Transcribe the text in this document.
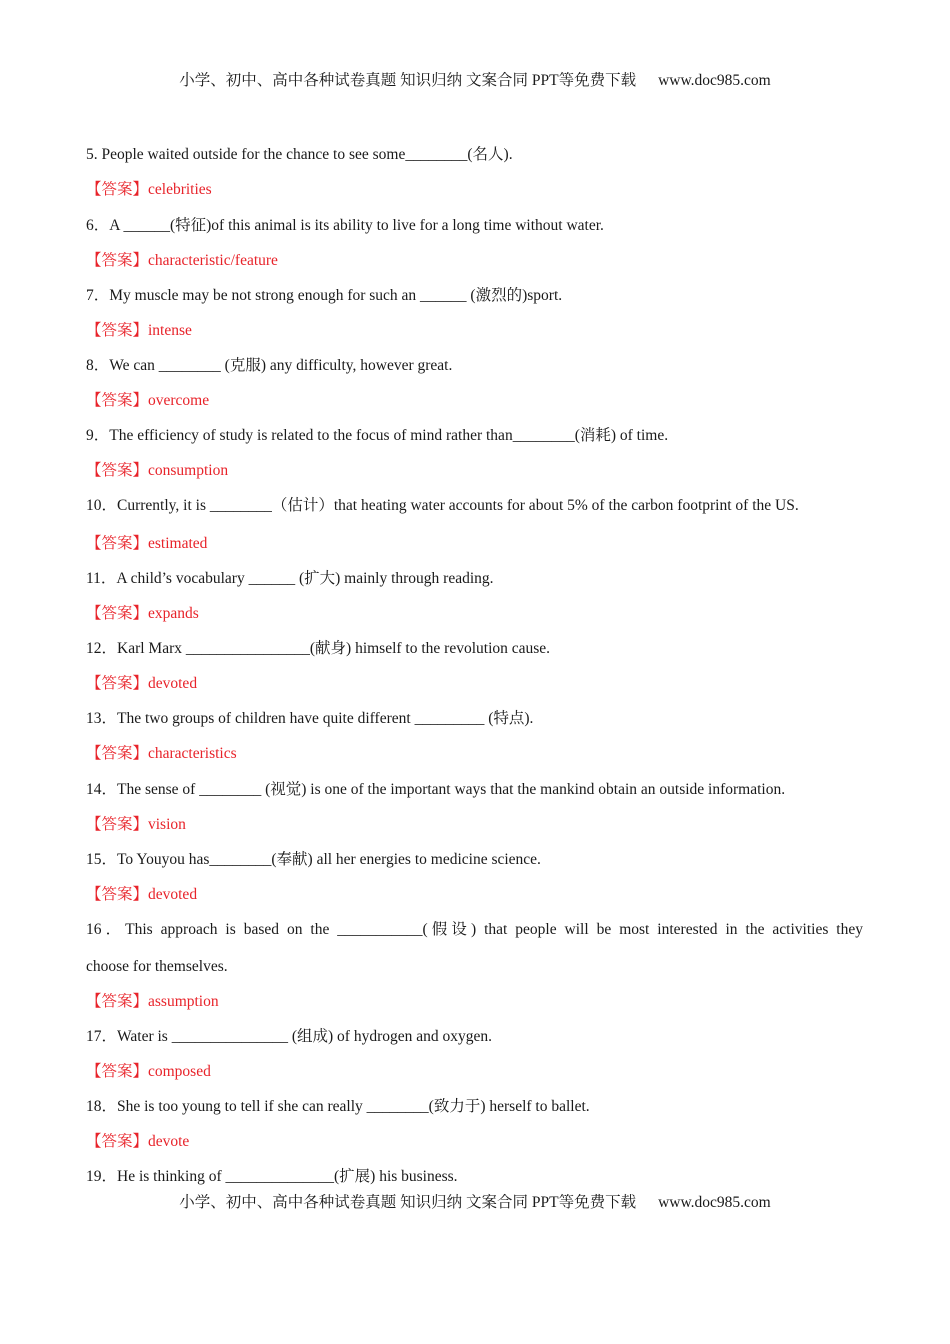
小学、初中、高中各种试卷真题 知识归纳 文案合同 PPT等免费下载 www.doc985.com
5. People waited outside for the chance to see some________(名人).
【答案】celebrities
6．A ______(特征)of this animal is its ability to live for a long time without water.
【答案】characteristic/feature
7．My muscle may be not strong enough for such an ______ (激烈的)sport.
【答案】intense
8．We can ________ (克服) any difficulty, however great.
【答案】overcome
9．The efficiency of study is related to the focus of mind rather than________(消耗) of time.
【答案】consumption
10．Currently, it is ________（估计）that heating water accounts for about 5% of the carbon footprint of the US.
【答案】estimated
11．A child’s vocabulary ______ (扩大) mainly through reading.
【答案】expands
12．Karl Marx ________________(献身) himself to the revolution cause.
【答案】devoted
13．The two groups of children have quite different _________ (特点).
【答案】characteristics
14．The sense of ________ (视觉) is one of the important ways that the mankind obtain an outside information.
【答案】vision
15．To Youyou has________(奉献) all her energies to medicine science.
【答案】devoted
16．This approach is based on the ___________(假设) that people will be most interested in the activities they
choose for themselves.
【答案】assumption
17．Water is _______________ (组成) of hydrogen and oxygen.
【答案】composed
18．She is too young to tell if she can really ________(致力于) herself to ballet.
【答案】devote
19．He is thinking of ______________(扩展) his business.
小学、初中、高中各种试卷真题 知识归纳 文案合同 PPT等免费下载 www.doc985.com
